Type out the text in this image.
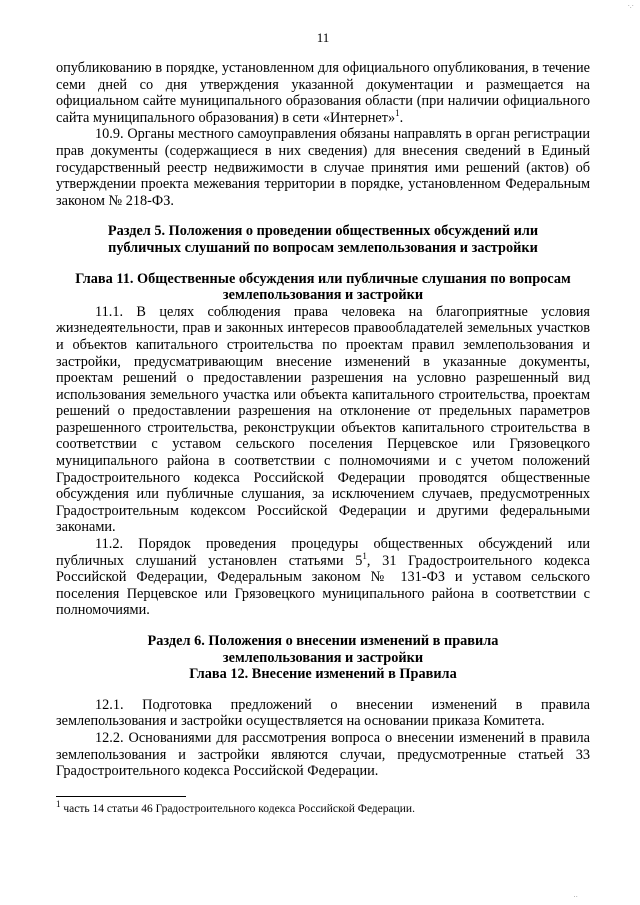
·.·
11

опубликованию в порядке, установленном для официального опубликования, в течение семи дней со дня утверждения указанной документации и размещается на официальном сайте муниципального образования области (при наличии официального сайта муниципального образования) в сети «Интернет»$^1$.

10.9. Органы местного самоуправления обязаны направлять в орган регистрации прав документы (содержащиеся в них сведения) для внесения сведений в Единый государственный реестр недвижимости в случае принятия ими решений (актов) об утверждении проекта межевания территории в порядке, установленном Федеральным законом № 218-ФЗ.

Раздел 5. Положения о проведении общественных обсуждений или
публичных слушаний по вопросам землепользования и застройки
Глава 11. Общественные обсуждения или публичные слушания по вопросам
землепользования и застройки

11.1. В целях соблюдения права человека на благоприятные условия жизнедеятельности, прав и законных интересов правообладателей земельных участков и объектов капитального строительства по проектам правил землепользования и застройки, предусматривающим внесение изменений в указанные документы, проектам решений о предоставлении разрешения на условно разрешенный вид использования земельного участка или объекта капитального строительства, проектам решений о предоставлении разрешения на отклонение от предельных параметров разрешенного строительства, реконструкции объектов капитального строительства в соответствии с уставом сельского поселения Перцевское или Грязовецкого муниципального района в соответствии с полномочиями и с учетом положений Градостроительного кодекса Российской Федерации проводятся общественные обсуждения или публичные слушания, за исключением случаев, предусмотренных Градостроительным кодексом Российской Федерации и другими федеральными законами.

11.2. Порядок проведения процедуры общественных обсуждений или публичных слушаний установлен статьями $5^1$, 31 Градостроительного кодекса Российской Федерации, Федеральным законом № 131-ФЗ и уставом сельского поселения Перцевское или Грязовецкого муниципального района в соответствии с полномочиями.

Раздел 6. Положения о внесении изменений в правила
землепользования и застройки
Глава 12. Внесение изменений в Правила

12.1. Подготовка предложений о внесении изменений в правила землепользования и застройки осуществляется на основании приказа Комитета.

12.2. Основаниями для рассмотрения вопроса о внесении изменений в правила землепользования и застройки являются случаи, предусмотренные статьей 33 Градостроительного кодекса Российской Федерации.

$^1$ часть 14 статьи 46 Градостроительного кодекса Российской Федерации.
··
